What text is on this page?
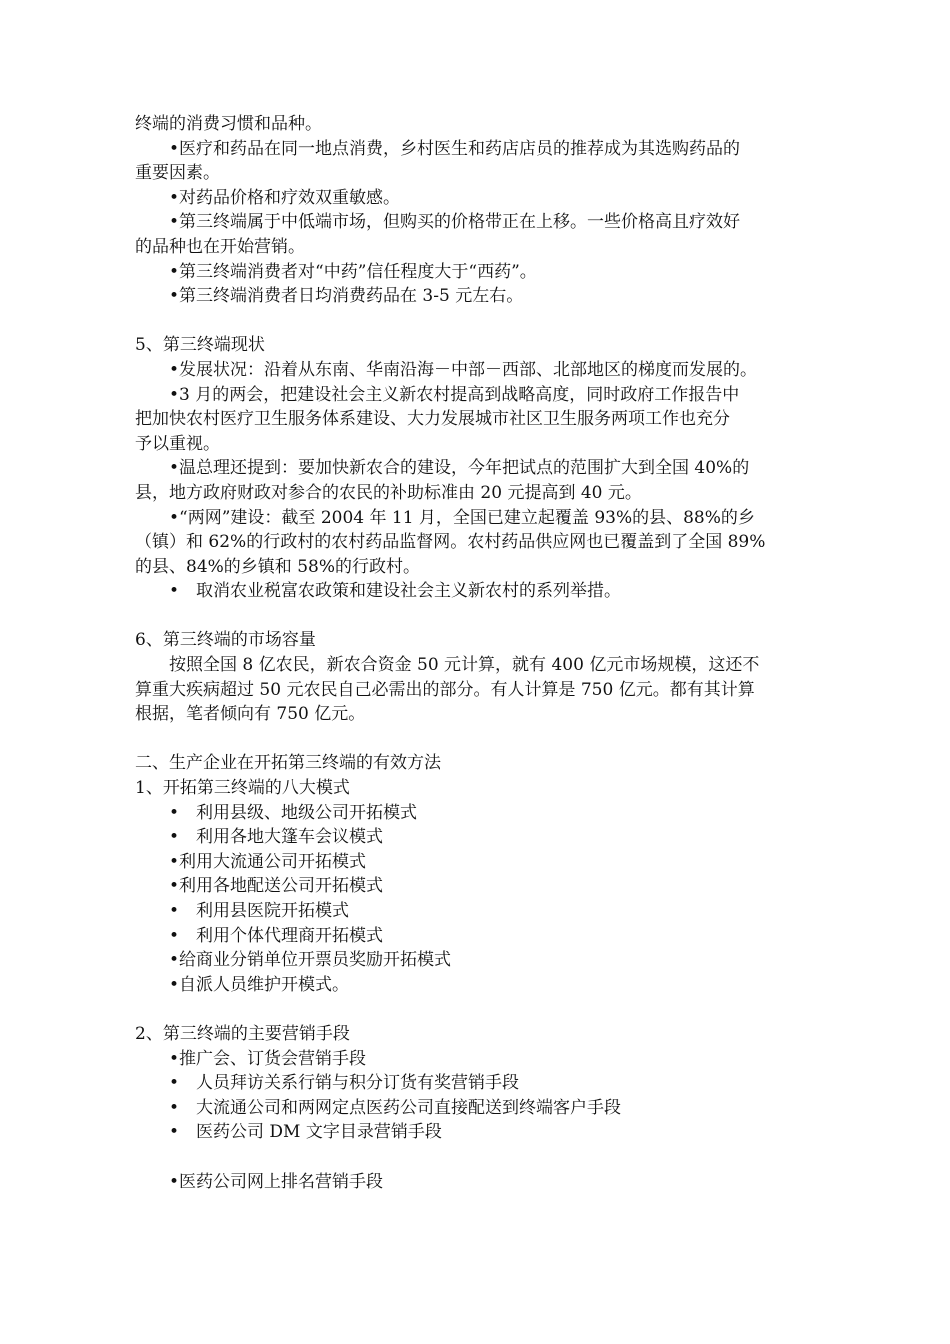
终端的消费习惯和品种。
•医疗和药品在同一地点消费，乡村医生和药店店员的推荐成为其选购药品的
重要因素。
•对药品价格和疗效双重敏感。
•第三终端属于中低端市场，但购买的价格带正在上移。一些价格高且疗效好
的品种也在开始营销。
•第三终端消费者对“中药”信任程度大于“西药”。
•第三终端消费者日均消费药品在 3-5 元左右。
5、第三终端现状
•发展状况：沿着从东南、华南沿海－中部－西部、北部地区的梯度而发展的。
•3 月的两会，把建设社会主义新农村提高到战略高度，同时政府工作报告中
把加快农村医疗卫生服务体系建设、大力发展城市社区卫生服务两项工作也充分
予以重视。
•温总理还提到：要加快新农合的建设，今年把试点的范围扩大到全国 40%的
县，地方政府财政对参合的农民的补助标准由 20 元提高到 40 元。
•“两网”建设：截至 2004 年 11 月，全国已建立起覆盖 93%的县、88%的乡
（镇）和 62%的行政村的农村药品监督网。农村药品供应网也已覆盖到了全国 89%
的县、84%的乡镇和 58%的行政村。
•　取消农业税富农政策和建设社会主义新农村的系列举措。
6、第三终端的市场容量
按照全国 8 亿农民，新农合资金 50 元计算，就有 400 亿元市场规模，这还不
算重大疾病超过 50 元农民自己必需出的部分。有人计算是 750 亿元。都有其计算
根据，笔者倾向有 750 亿元。
二、生产企业在开拓第三终端的有效方法
1、开拓第三终端的八大模式
•　利用县级、地级公司开拓模式
•　利用各地大篷车会议模式
•利用大流通公司开拓模式
•利用各地配送公司开拓模式
•　利用县医院开拓模式
•　利用个体代理商开拓模式
•给商业分销单位开票员奖励开拓模式
•自派人员维护开模式。
2、第三终端的主要营销手段
•推广会、订货会营销手段
•　人员拜访关系行销与积分订货有奖营销手段
•　大流通公司和两网定点医药公司直接配送到终端客户手段
•　医药公司 DM 文字目录营销手段
•医药公司网上排名营销手段
